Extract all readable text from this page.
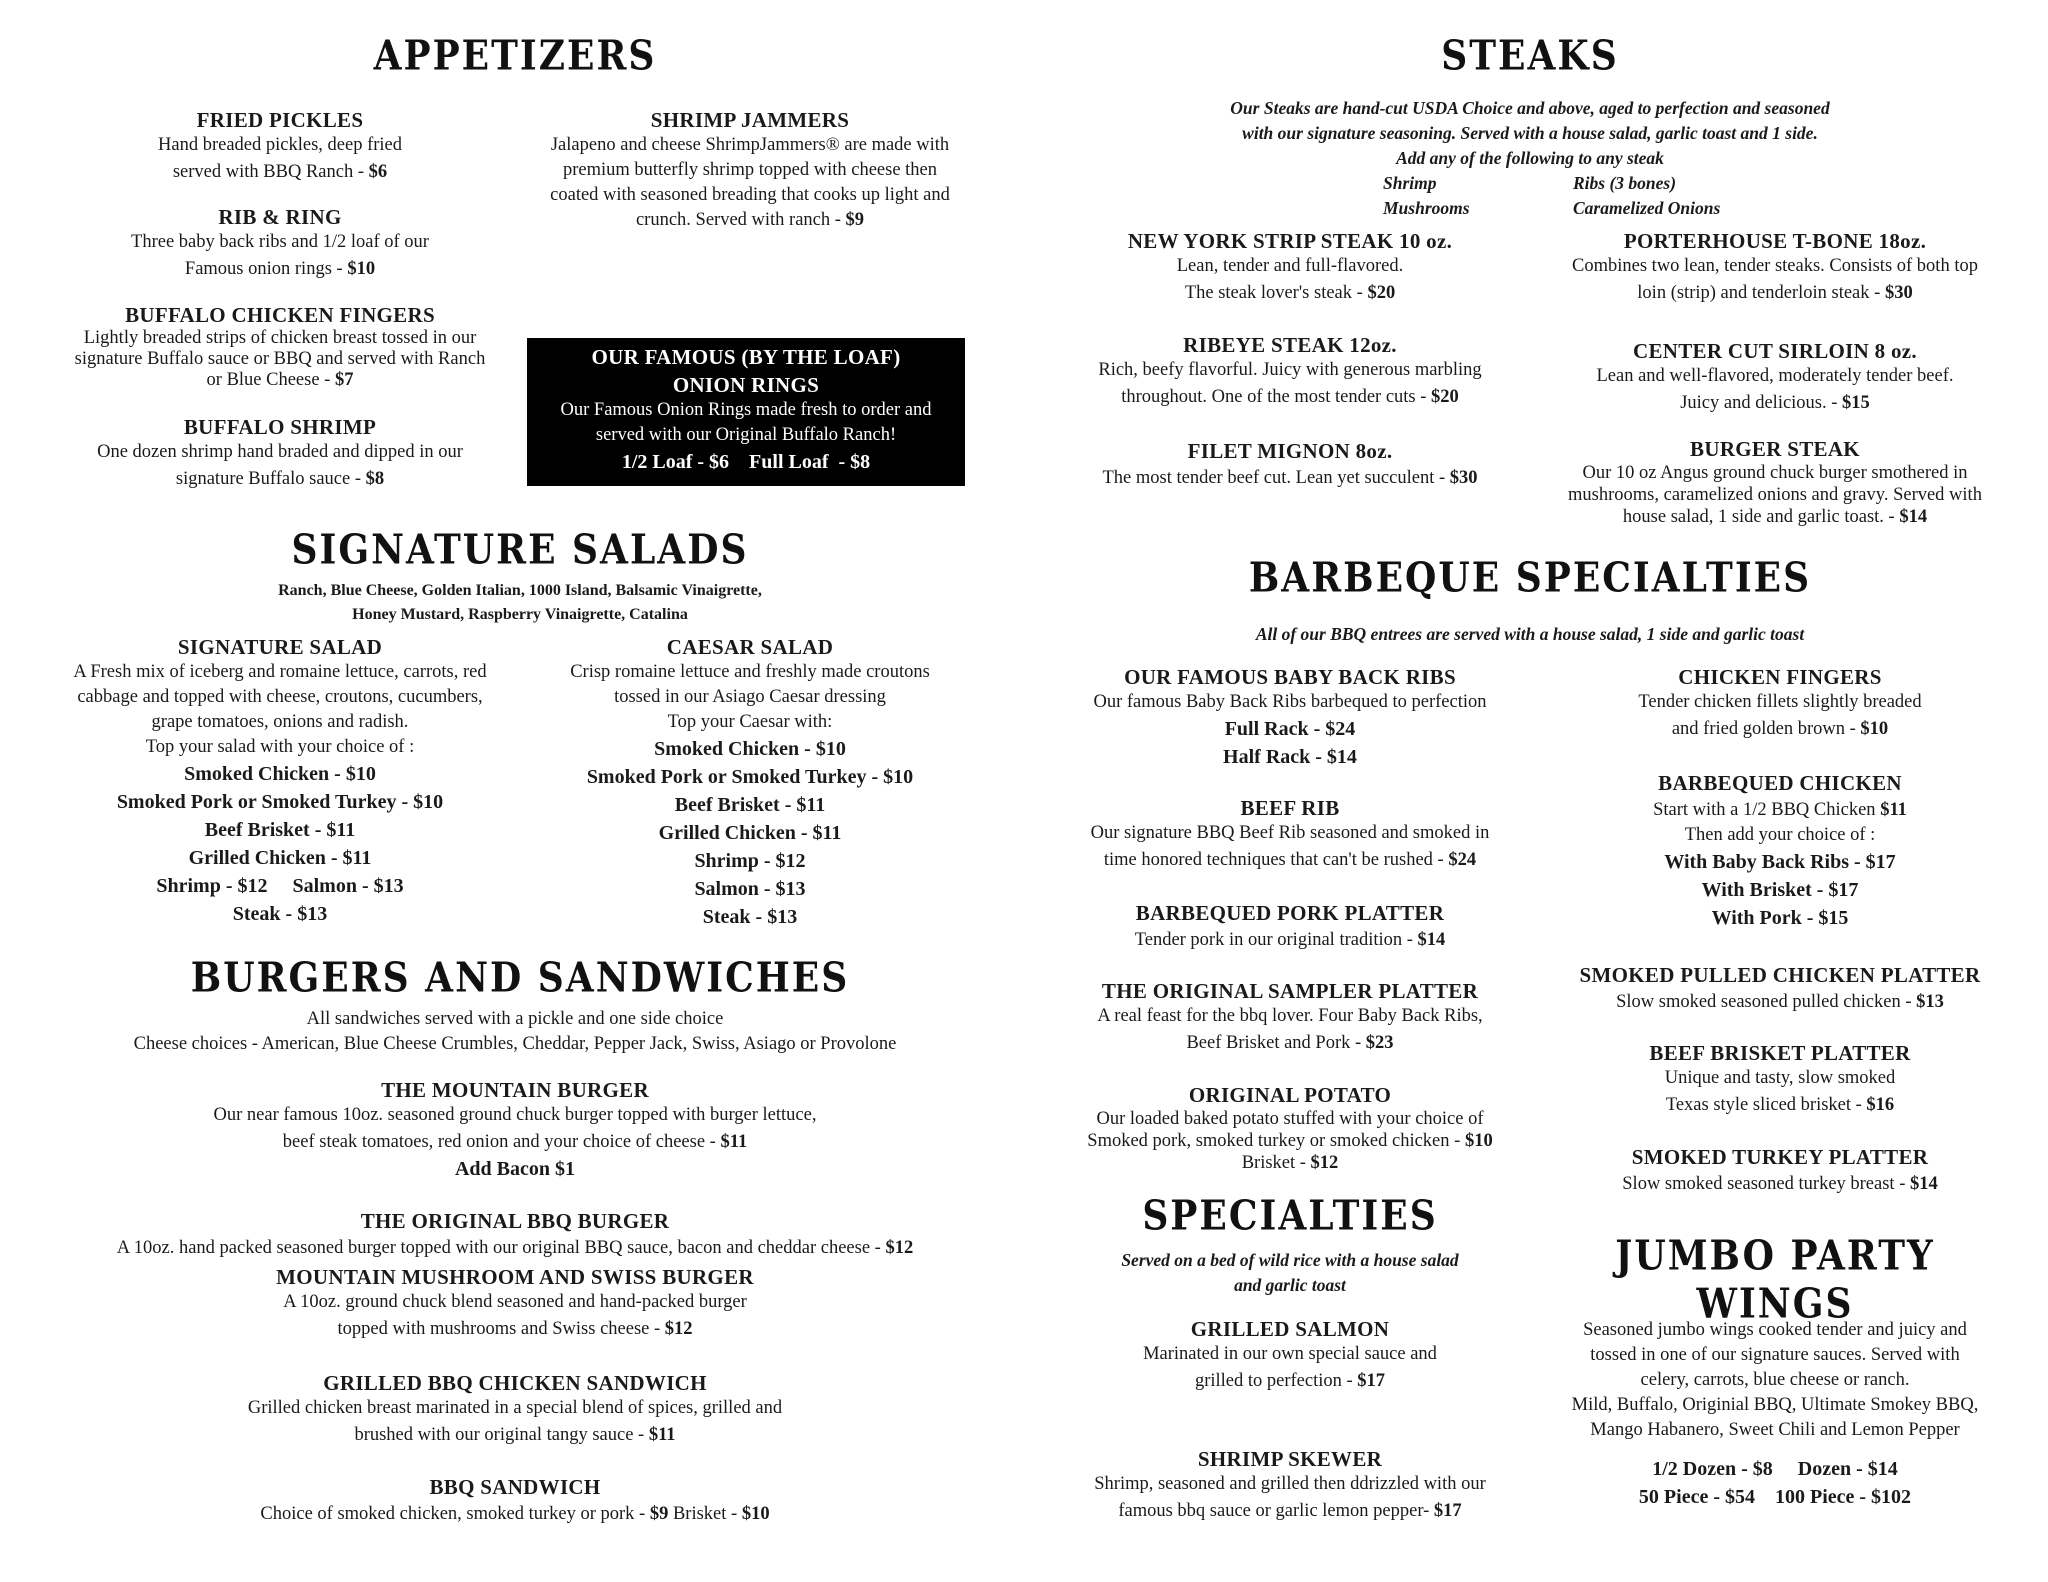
APPETIZERS
FRIED PICKLES
Hand breaded pickles, deep fried
served with BBQ Ranch - $6
RIB & RING
Three baby back ribs and 1/2 loaf of our
Famous onion rings - $10
BUFFALO CHICKEN FINGERS
Lightly breaded strips of chicken breast tossed in our
signature Buffalo sauce or BBQ and served with Ranch
or Blue Cheese - $7
BUFFALO SHRIMP
One dozen shrimp hand braded and dipped in our
signature Buffalo sauce - $8
SHRIMP JAMMERS
Jalapeno and cheese ShrimpJammers® are made with
premium butterfly shrimp topped with cheese then
coated with seasoned breading that cooks up light and
crunch. Served with ranch - $9
OUR FAMOUS (BY THE LOAF)
ONION RINGS
Our Famous Onion Rings made fresh to order and
served with our Original Buffalo Ranch!
1/2 Loaf - $6    Full Loaf  - $8
SIGNATURE SALADS
Ranch, Blue Cheese, Golden Italian, 1000 Island, Balsamic Vinaigrette,
Honey Mustard, Raspberry Vinaigrette, Catalina
SIGNATURE SALAD
A Fresh mix of iceberg and romaine lettuce, carrots, red
cabbage and topped with cheese, croutons, cucumbers,
grape tomatoes, onions and radish.
Top your salad with your choice of :
Smoked Chicken - $10
Smoked Pork or Smoked Turkey - $10
Beef Brisket - $11
Grilled Chicken - $11
Shrimp - $12     Salmon - $13
Steak - $13
CAESAR SALAD
Crisp romaine lettuce and freshly made croutons
tossed in our Asiago Caesar dressing
Top your Caesar with:
Smoked Chicken - $10
Smoked Pork or Smoked Turkey - $10
Beef Brisket - $11
Grilled Chicken - $11
Shrimp - $12
Salmon - $13
Steak - $13
BURGERS AND SANDWICHES
All sandwiches served with a pickle and one side choice
Cheese choices - American, Blue Cheese Crumbles, Cheddar, Pepper Jack, Swiss, Asiago or Provolone
THE MOUNTAIN BURGER
Our near famous 10oz. seasoned ground chuck burger topped with burger lettuce,
beef steak tomatoes, red onion and your choice of cheese - $11
Add Bacon $1
THE ORIGINAL BBQ BURGER
A 10oz. hand packed seasoned burger topped with our original BBQ sauce, bacon and cheddar cheese - $12
MOUNTAIN MUSHROOM AND SWISS BURGER
A 10oz. ground chuck blend seasoned and hand-packed burger
topped with mushrooms and Swiss cheese - $12
GRILLED BBQ CHICKEN SANDWICH
Grilled chicken breast marinated in a special blend of spices, grilled and
brushed with our original tangy sauce - $11
BBQ SANDWICH
Choice of smoked chicken, smoked turkey or pork - $9 Brisket - $10
STEAKS
Our Steaks are hand-cut USDA Choice and above, aged to perfection and seasoned
with our signature seasoning. Served with a house salad, garlic toast and 1 side.
Add any of the following to any steak
Shrimp	Ribs (3 bones)
Mushrooms	Caramelized Onions
NEW YORK STRIP STEAK 10 oz.
Lean, tender and full-flavored.
The steak lover's steak - $20
PORTERHOUSE T-BONE 18oz.
Combines two lean, tender steaks. Consists of both top
loin (strip) and tenderloin steak - $30
RIBEYE STEAK 12oz.
Rich, beefy flavorful. Juicy with generous marbling
throughout. One of the most tender cuts - $20
CENTER CUT SIRLOIN 8 oz.
Lean and well-flavored, moderately tender beef.
Juicy and delicious. - $15
FILET MIGNON 8oz.
The most tender beef cut. Lean yet succulent - $30
BURGER STEAK
Our 10 oz Angus ground chuck burger smothered in
mushrooms, caramelized onions and gravy. Served with
house salad, 1 side and garlic toast. - $14
BARBEQUE SPECIALTIES
All of our BBQ entrees are served with a house salad, 1 side and garlic toast
OUR FAMOUS BABY BACK RIBS
Our famous Baby Back Ribs barbequed to perfection
Full Rack - $24
Half Rack - $14
BEEF RIB
Our signature BBQ Beef Rib seasoned and smoked in
time honored techniques that can't be rushed - $24
BARBEQUED PORK PLATTER
Tender pork in our original tradition - $14
THE ORIGINAL SAMPLER PLATTER
A real feast for the bbq lover. Four Baby Back Ribs,
Beef Brisket and Pork - $23
ORIGINAL POTATO
Our loaded baked potato stuffed with your choice of
Smoked pork, smoked turkey or smoked chicken - $10
Brisket - $12
CHICKEN FINGERS
Tender chicken fillets slightly breaded
and fried golden brown - $10
BARBEQUED CHICKEN
Start with a 1/2 BBQ Chicken $11
Then add your choice of :
With Baby Back Ribs - $17
With Brisket - $17
With Pork - $15
SMOKED PULLED CHICKEN PLATTER
Slow smoked seasoned pulled chicken - $13
BEEF BRISKET PLATTER
Unique and tasty, slow smoked
Texas style sliced brisket - $16
SMOKED TURKEY PLATTER
Slow smoked seasoned turkey breast - $14
SPECIALTIES
Served on a bed of wild rice with a house salad
and garlic toast
GRILLED SALMON
Marinated in our own special sauce and
grilled to perfection - $17
SHRIMP SKEWER
Shrimp, seasoned and grilled then ddrizzled with our
famous bbq sauce or garlic lemon pepper- $17
JUMBO PARTY WINGS
Seasoned jumbo wings cooked tender and juicy and
tossed in one of our signature sauces. Served with
celery, carrots, blue cheese or ranch.
Mild, Buffalo, Originial BBQ, Ultimate Smokey BBQ,
Mango Habanero, Sweet Chili and Lemon Pepper
1/2 Dozen - $8     Dozen - $14
50 Piece - $54    100 Piece - $102
